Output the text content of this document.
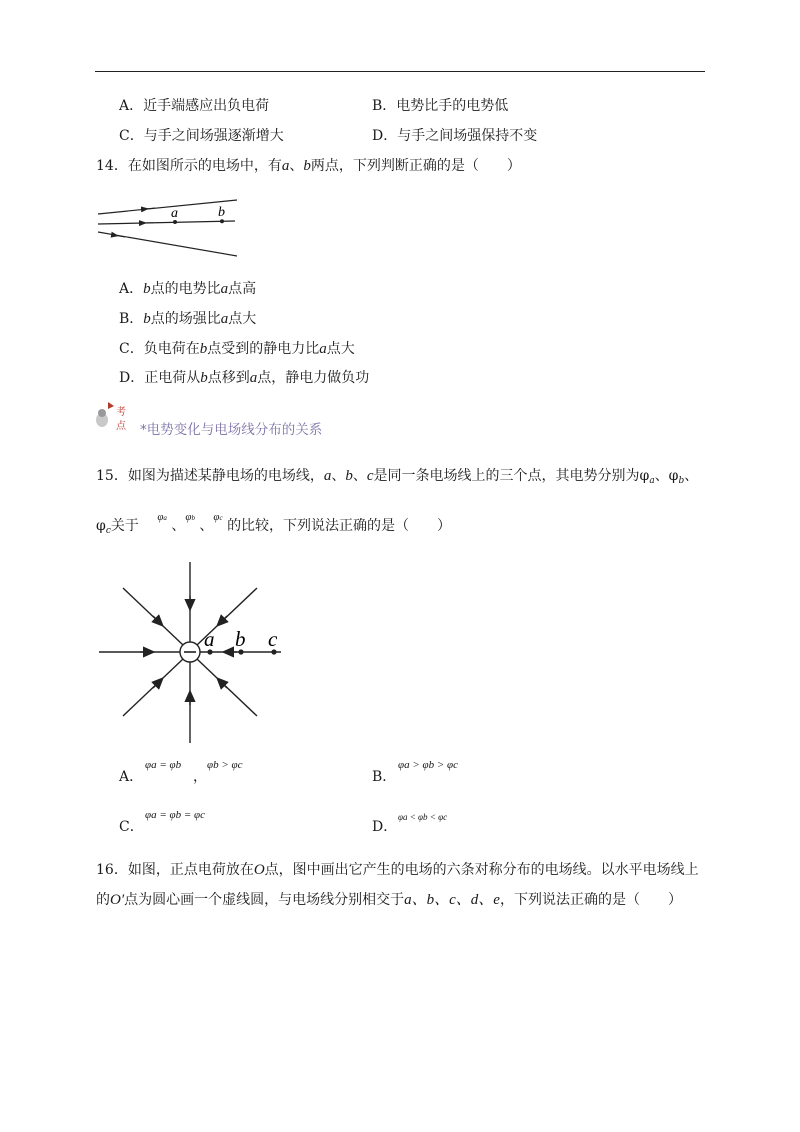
A．近手端感应出负电荷	B．电势比手的电势低
C．与手之间场强逐渐增大	D．与手之间场强保持不变
14．在如图所示的电场中，有a、b两点，下列判断正确的是（　　）
a	b
A．b点的电势比a点高
B．b点的场强比a点大
C．负电荷在b点受到的静电力比a点大
D．正电荷从b点移到a点，静电力做负功
考
点 *电势变化与电场线分布的关系
15．如图为描述某静电场的电场线，a、b、c是同一条电场线上的三个点，其电势分别为$\varphi_a$、$\varphi_b$、
$\varphi_c$关于 $^{\varphi a}$ 、$^{\varphi b}$ 、$^{\varphi c}$ 的比较，下列说法正确的是（　　）
a b c
A．
φa = φb
，
φb > φc
B．
φa > φb > φc
C．
φa = φb = φc
D．
φa < φb < φc
16．如图，正点电荷放在O点，图中画出它产生的电场的六条对称分布的电场线。以水平电场线上
的O′点为圆心画一个虚线圆，与电场线分别相交于a、b、c、d、e，下列说法正确的是（　　）
